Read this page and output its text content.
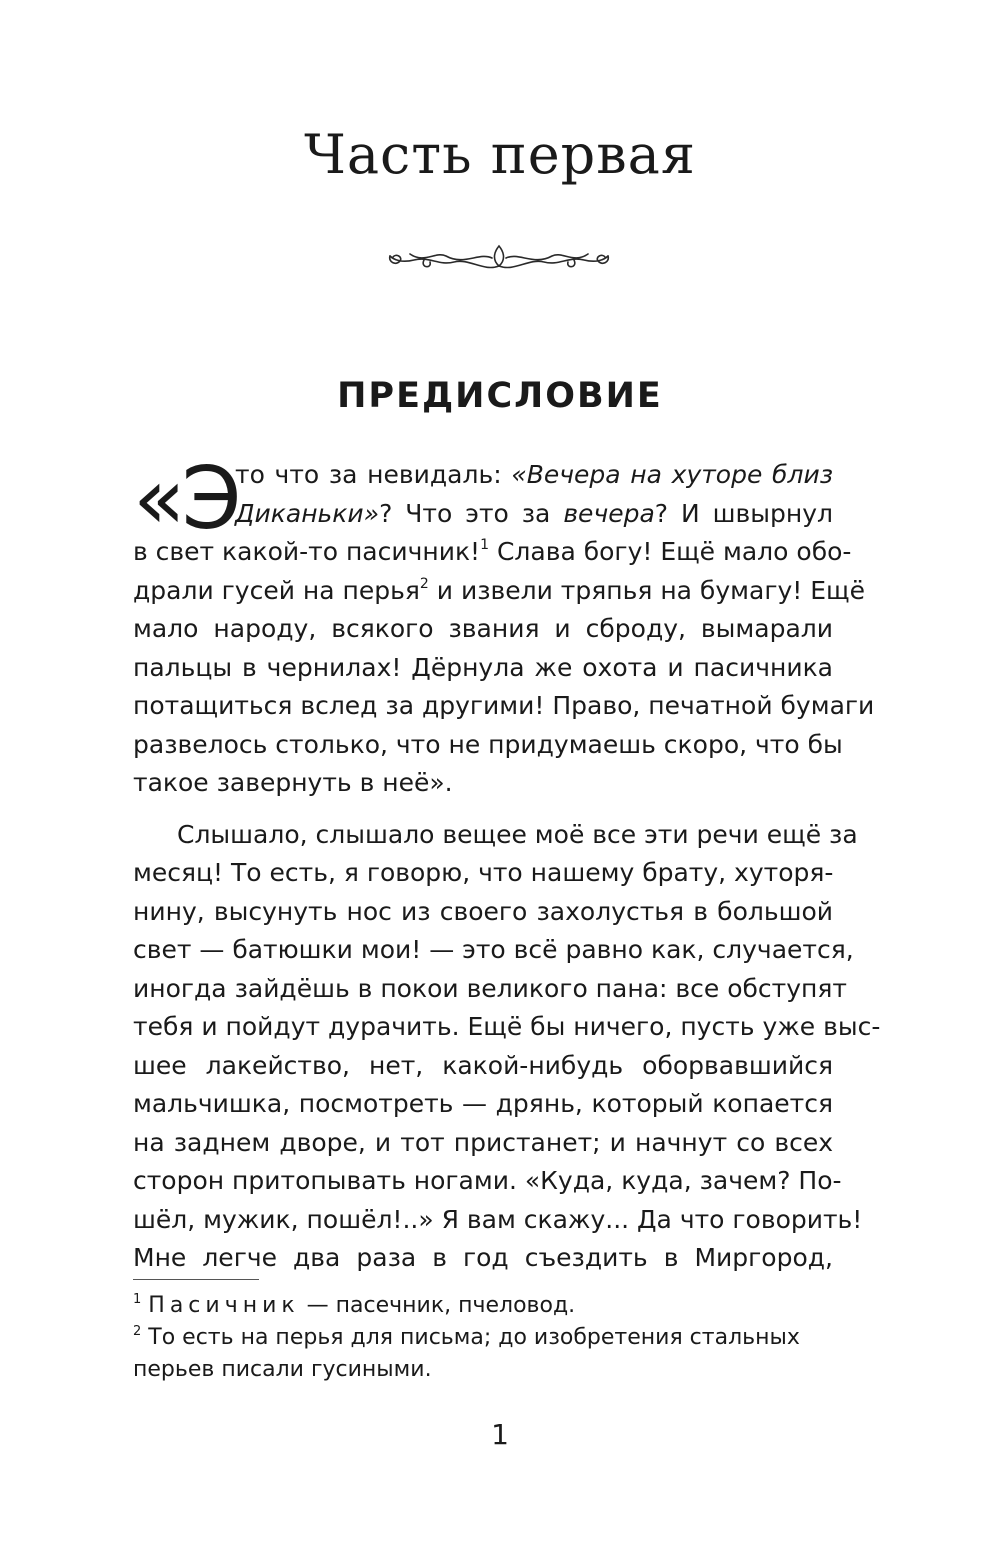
Часть первая
ПРЕДИСЛОВИЕ
«Э
то что за невидаль: «Вечера на хуторе близ
Диканьки»? Что это за вечера? И швырнул
в свет какой-то пасичник!$^1$ Слава богу! Ещё мало обо-
драли гусей на перья$^2$ и извели тряпья на бумагу! Ещё
мало народу, всякого звания и сброду, вымарали
пальцы в чернилах! Дёрнула же охота и пасичника
потащиться вслед за другими! Право, печатной бумаги
развелось столько, что не придумаешь скоро, что бы
такое завернуть в неё».
Слышало, слышало вещее моё все эти речи ещё за
месяц! То есть, я говорю, что нашему брату, хуторя-
нину, высунуть нос из своего захолустья в большой
свет — батюшки мои! — это всё равно как, случается,
иногда зайдёшь в покои великого пана: все обступят
тебя и пойдут дурачить. Ещё бы ничего, пусть уже выс-
шее лакейство, нет, какой-нибудь оборвавшийся
мальчишка, посмотреть — дрянь, который копается
на заднем дворе, и тот пристанет; и начнут со всех
сторон притопывать ногами. «Куда, куда, зачем? По-
шёл, мужик, пошёл!..» Я вам скажу... Да что говорить!
Мне легче два раза в год съездить в Миргород,
$^1$ Пасичник — пасечник, пчеловод.
$^2$ То есть на перья для письма; до изобретения стальных
перьев писали гусиными.
1
